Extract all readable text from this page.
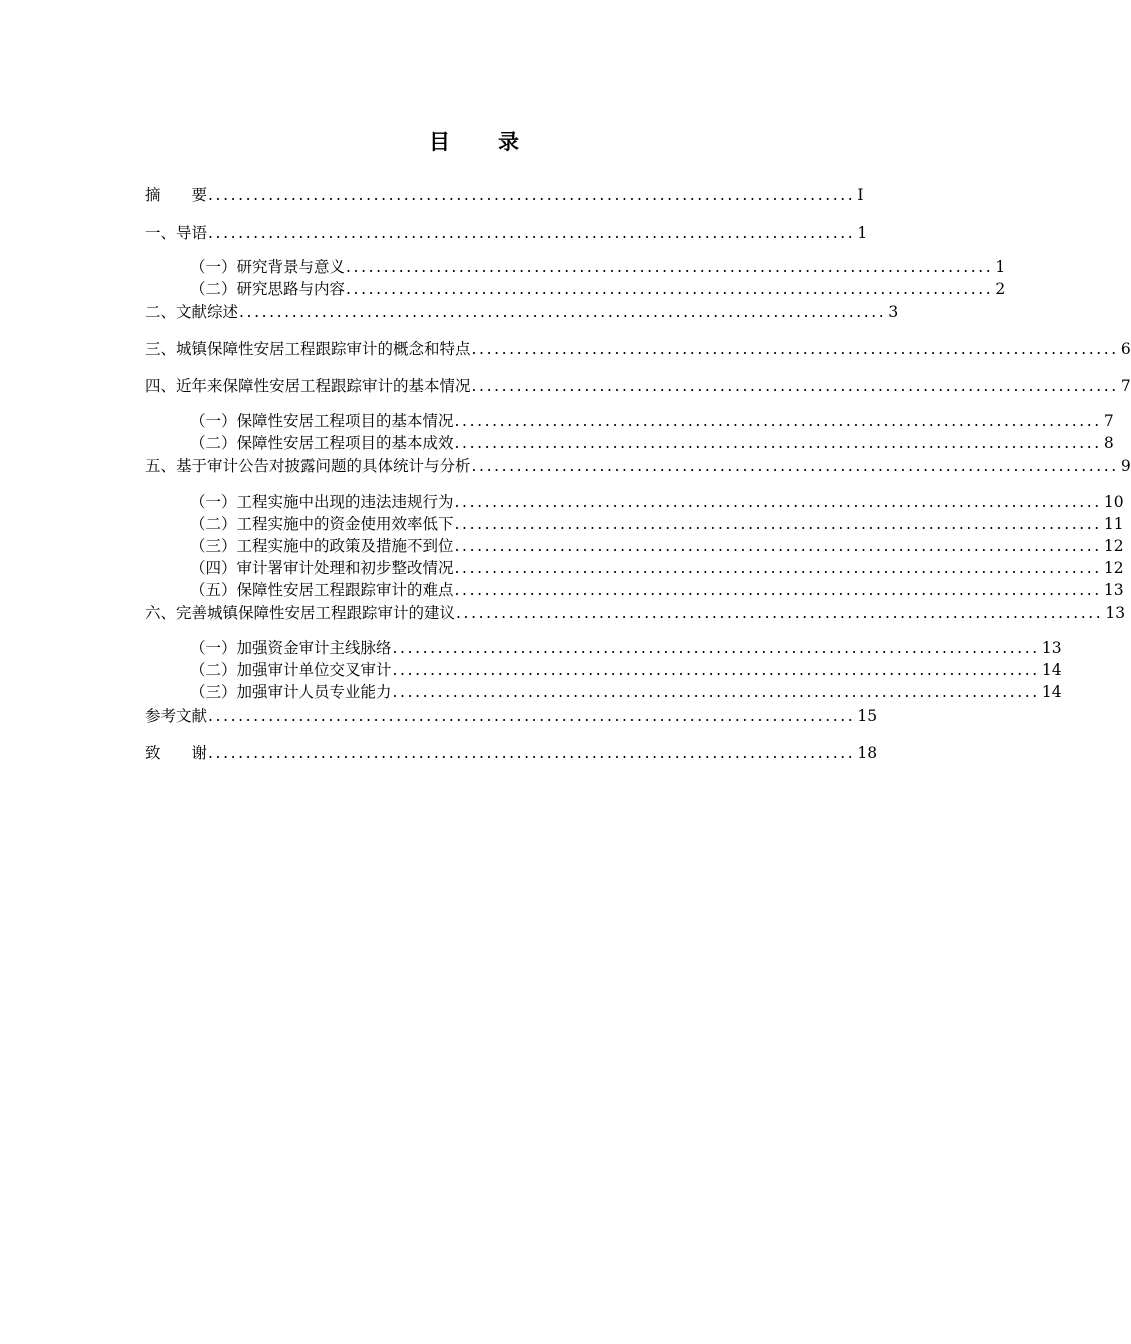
目　　录
摘　　要 ...................................................................................... I
一、导语 ...................................................................................... 1
（一）研究背景与意义 ...................................................................................... 1
（二）研究思路与内容 ...................................................................................... 2
二、文献综述 ...................................................................................... 3
三、城镇保障性安居工程跟踪审计的概念和特点 ...................................................................................... 6
四、近年来保障性安居工程跟踪审计的基本情况 ...................................................................................... 7
（一）保障性安居工程项目的基本情况 ...................................................................................... 7
（二）保障性安居工程项目的基本成效 ...................................................................................... 8
五、基于审计公告对披露问题的具体统计与分析 ...................................................................................... 9
（一）工程实施中出现的违法违规行为 ...................................................................................... 10
（二）工程实施中的资金使用效率低下 ...................................................................................... 11
（三）工程实施中的政策及措施不到位 ...................................................................................... 12
（四）审计署审计处理和初步整改情况 ...................................................................................... 12
（五）保障性安居工程跟踪审计的难点 ...................................................................................... 13
六、完善城镇保障性安居工程跟踪审计的建议 ...................................................................................... 13
（一）加强资金审计主线脉络 ...................................................................................... 13
（二）加强审计单位交叉审计 ...................................................................................... 14
（三）加强审计人员专业能力 ...................................................................................... 14
参考文献 ...................................................................................... 15
致　　谢 ...................................................................................... 18
